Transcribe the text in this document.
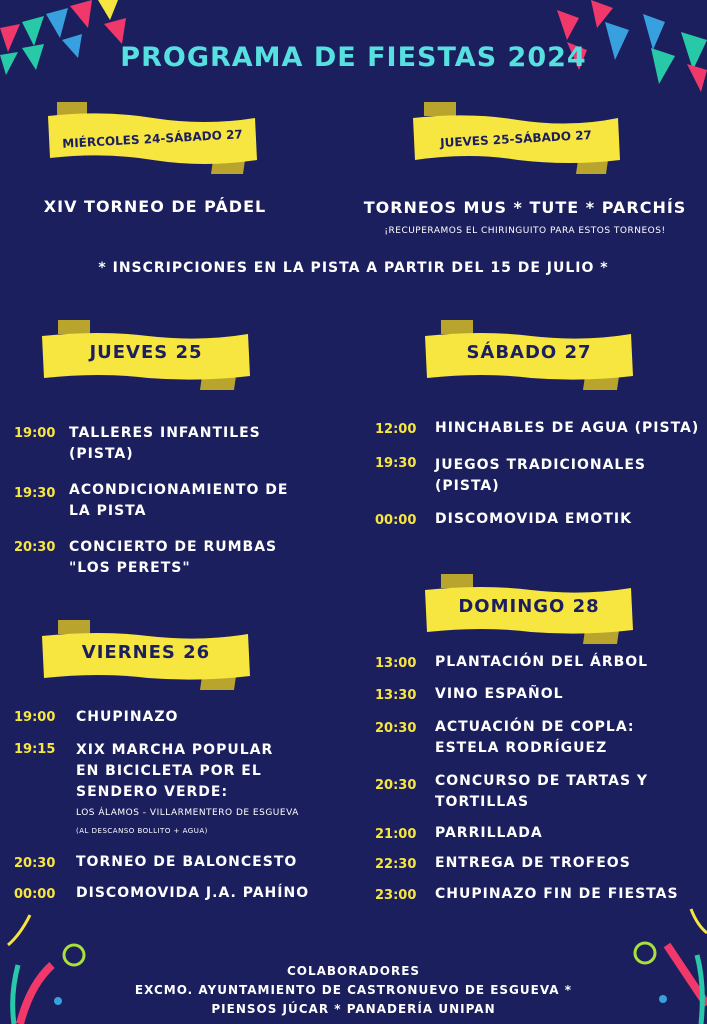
PROGRAMA DE FIESTAS 2024
MIÉRCOLES 24-SÁBADO 27	JUEVES 25-SÁBADO 27
XIV TORNEO DE PÁDEL	TORNEOS MUS * TUTE * PARCHÍS
¡RECUPERAMOS EL CHIRINGUITO PARA ESTOS TORNEOS!
* INSCRIPCIONES EN LA PISTA A PARTIR DEL 15 DE JULIO *
JUEVES 25	SÁBADO 27
19:00 TALLERES INFANTILES
(PISTA)
19:30 ACONDICIONAMIENTO DE
LA PISTA
20:30 CONCIERTO DE RUMBAS
"LOS PERETS"
12:00 HINCHABLES DE AGUA (PISTA)
19:30 JUEGOS TRADICIONALES
(PISTA)
00:00 DISCOMOVIDA EMOTIK
DOMINGO 28
VIERNES 26
19:00 CHUPINAZO
19:15 XIX MARCHA POPULAR
EN BICICLETA POR EL
SENDERO VERDE:
LOS ÁLAMOS - VILLARMENTERO DE ESGUEVA
(AL DESCANSO BOLLITO + AGUA)
20:30 TORNEO DE BALONCESTO
00:00 DISCOMOVIDA J.A. PAHÍNO
13:00 PLANTACIÓN DEL ÁRBOL
13:30 VINO ESPAÑOL
20:30 ACTUACIÓN DE COPLA:
ESTELA RODRÍGUEZ
20:30 CONCURSO DE TARTAS Y
TORTILLAS
21:00 PARRILLADA
22:30 ENTREGA DE TROFEOS
23:00 CHUPINAZO FIN DE FIESTAS
COLABORADORES
EXCMO. AYUNTAMIENTO DE CASTRONUEVO DE ESGUEVA *
PIENSOS JÚCAR * PANADERÍA UNIPAN
